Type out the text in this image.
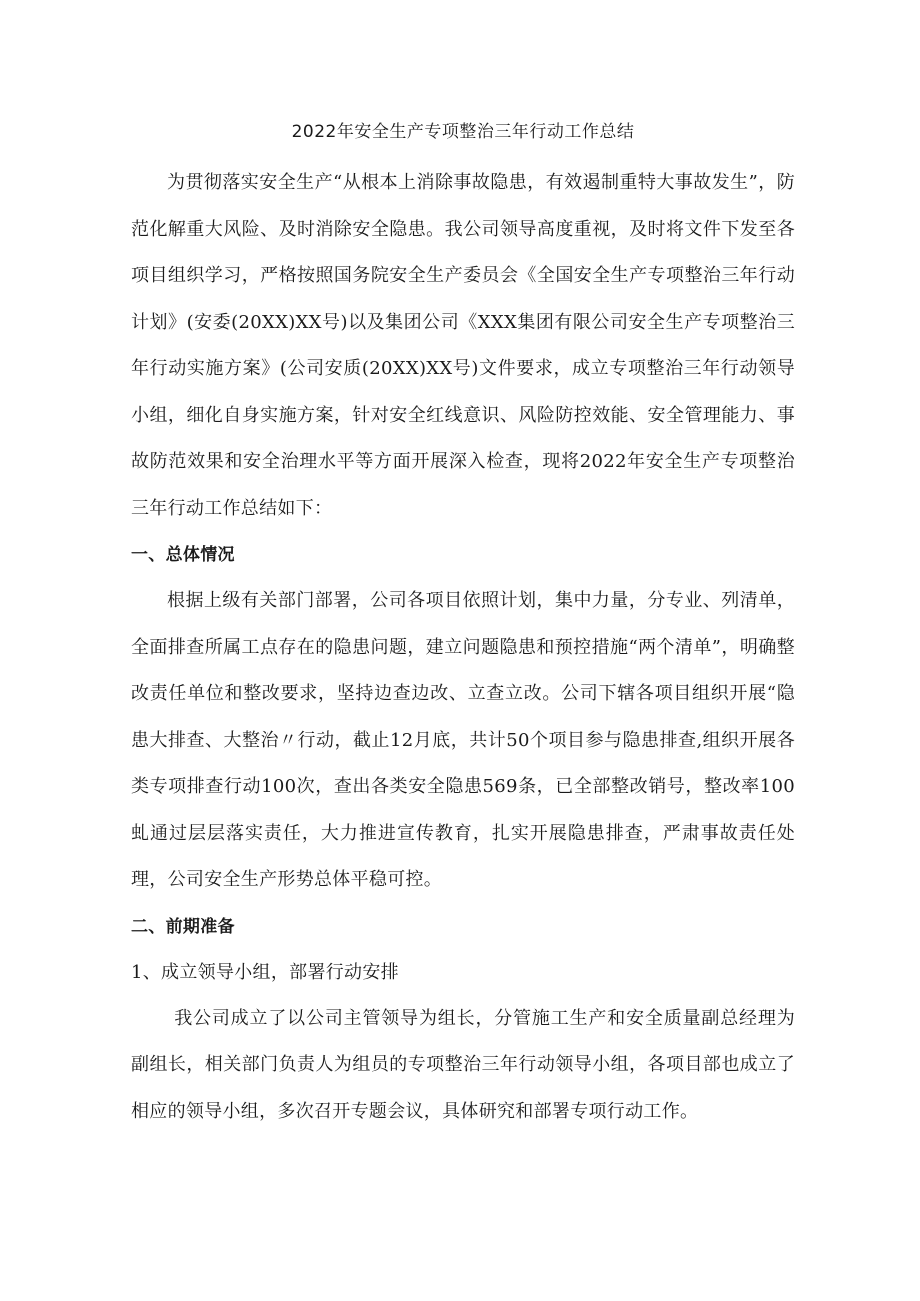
2022年安全生产专项整治三年行动工作总结

为贯彻落实安全生产“从根本上消除事故隐患，有效遏制重特大事故发生”，防范化解重大风险、及时消除安全隐患。我公司领导高度重视，及时将文件下发至各项目组织学习，严格按照国务院安全生产委员会《全国安全生产专项整治三年行动计划》(安委(20XX)XX号)以及集团公司《XXX集团有限公司安全生产专项整治三年行动实施方案》(公司安质(20XX)XX号)文件要求，成立专项整治三年行动领导小组，细化自身实施方案，针对安全红线意识、风险防控效能、安全管理能力、事故防范效果和安全治理水平等方面开展深入检查，现将2022年安全生产专项整治三年行动工作总结如下：

一、总体情况

根据上级有关部门部署，公司各项目依照计划，集中力量，分专业、列清单，全面排查所属工点存在的隐患问题，建立问题隐患和预控措施“两个清单”，明确整改责任单位和整改要求，坚持边查边改、立查立改。公司下辖各项目组织开展“隐患大排查、大整治〃行动，截止12月底，共计50个项目参与隐患排查,组织开展各类专项排查行动100次，查出各类安全隐患569条，已全部整改销号，整改率100虬通过层层落实责任，大力推进宣传教育，扎实开展隐患排查，严肃事故责任处理，公司安全生产形势总体平稳可控。

二、前期准备

1、成立领导小组，部署行动安排

我公司成立了以公司主管领导为组长，分管施工生产和安全质量副总经理为副组长，相关部门负责人为组员的专项整治三年行动领导小组，各项目部也成立了相应的领导小组，多次召开专题会议，具体研究和部署专项行动工作。
